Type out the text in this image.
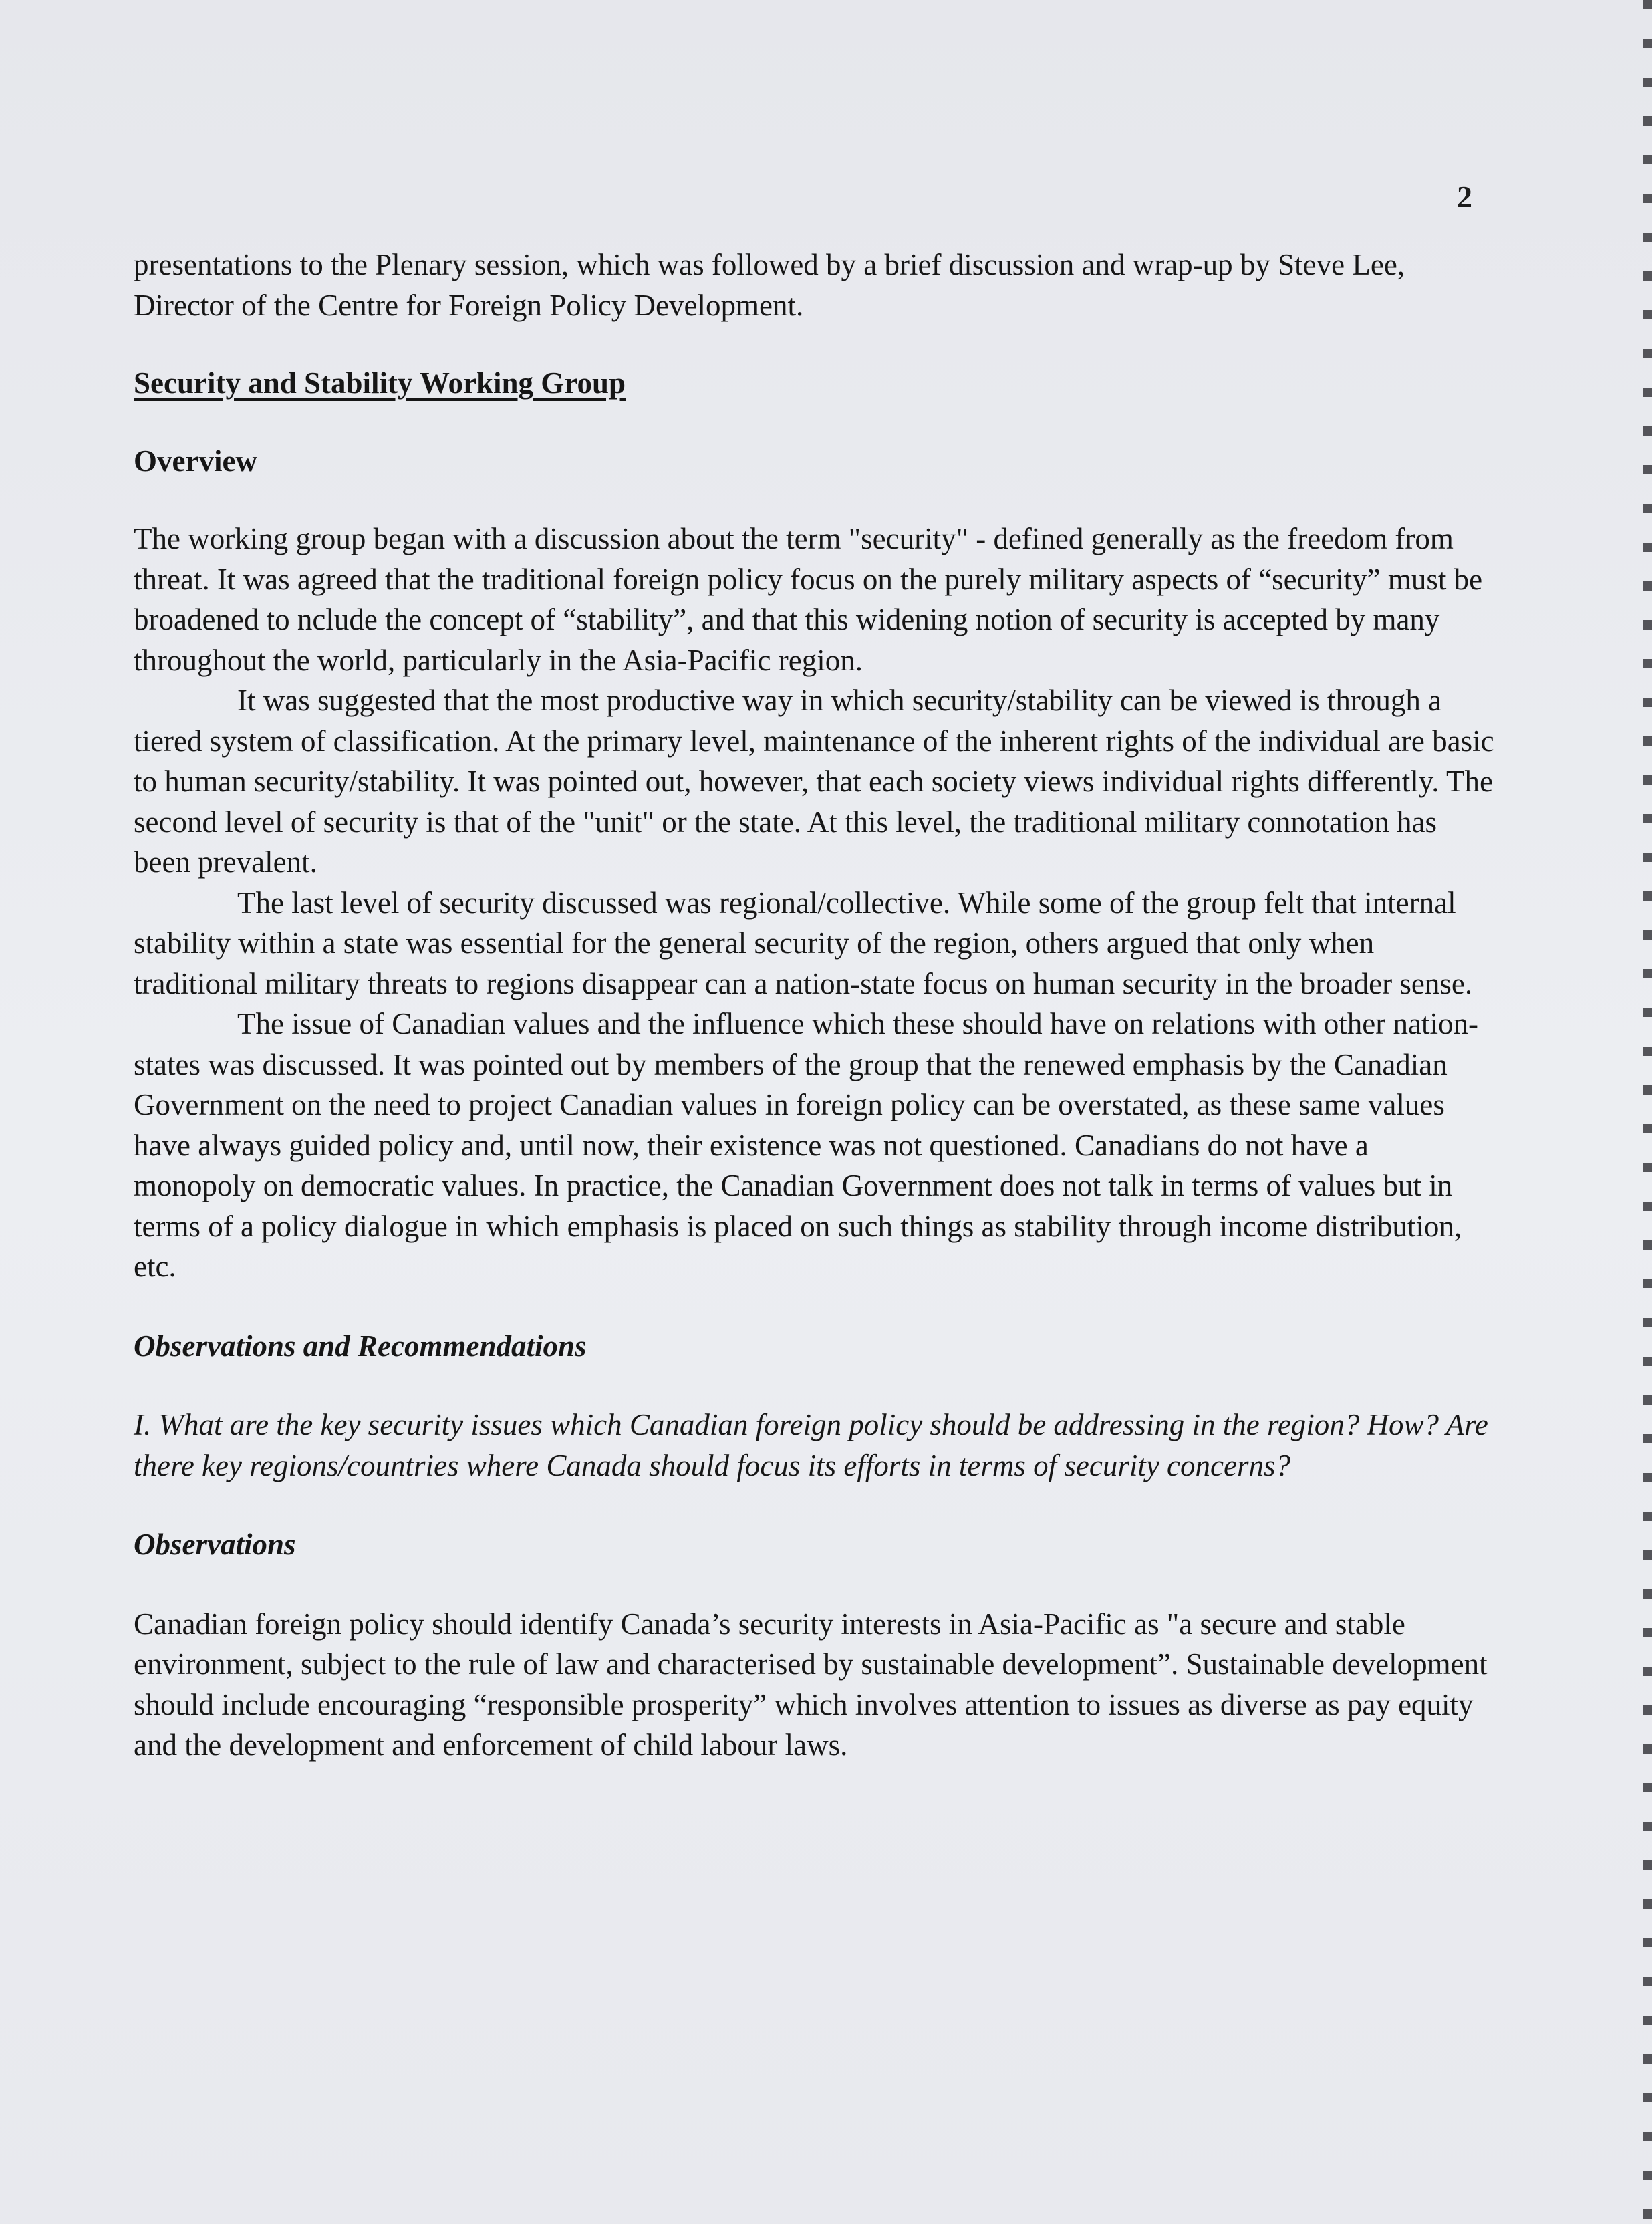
2

presentations to the Plenary session, which was followed by a brief discussion and wrap-up by Steve Lee, Director of the Centre for Foreign Policy Development.

Security and Stability Working Group

Overview

The working group began with a discussion about the term "security" - defined generally as the freedom from threat. It was agreed that the traditional foreign policy focus on the purely military aspects of “security” must be broadened to nclude the concept of “stability”, and that this widening notion of security is accepted by many throughout the world, particularly in the Asia-Pacific region.

It was suggested that the most productive way in which security/stability can be viewed is through a tiered system of classification. At the primary level, maintenance of the inherent rights of the individual are basic to human security/stability. It was pointed out, however, that each society views individual rights differently. The second level of security is that of the "unit" or the state. At this level, the traditional military connotation has been prevalent.

The last level of security discussed was regional/collective. While some of the group felt that internal stability within a state was essential for the general security of the region, others argued that only when traditional military threats to regions disappear can a nation-state focus on human security in the broader sense.

The issue of Canadian values and the influence which these should have on relations with other nation-states was discussed. It was pointed out by members of the group that the renewed emphasis by the Canadian Government on the need to project Canadian values in foreign policy can be overstated, as these same values have always guided policy and, until now, their existence was not questioned. Canadians do not have a monopoly on democratic values. In practice, the Canadian Government does not talk in terms of values but in terms of a policy dialogue in which emphasis is placed on such things as stability through income distribution, etc.

Observations and Recommendations

I. What are the key security issues which Canadian foreign policy should be addressing in the region? How? Are there key regions/countries where Canada should focus its efforts in terms of security concerns?

Observations

Canadian foreign policy should identify Canada’s security interests in Asia-Pacific as "a secure and stable environment, subject to the rule of law and characterised by sustainable development”. Sustainable development should include encouraging “responsible prosperity” which involves attention to issues as diverse as pay equity and the development and enforcement of child labour laws.
